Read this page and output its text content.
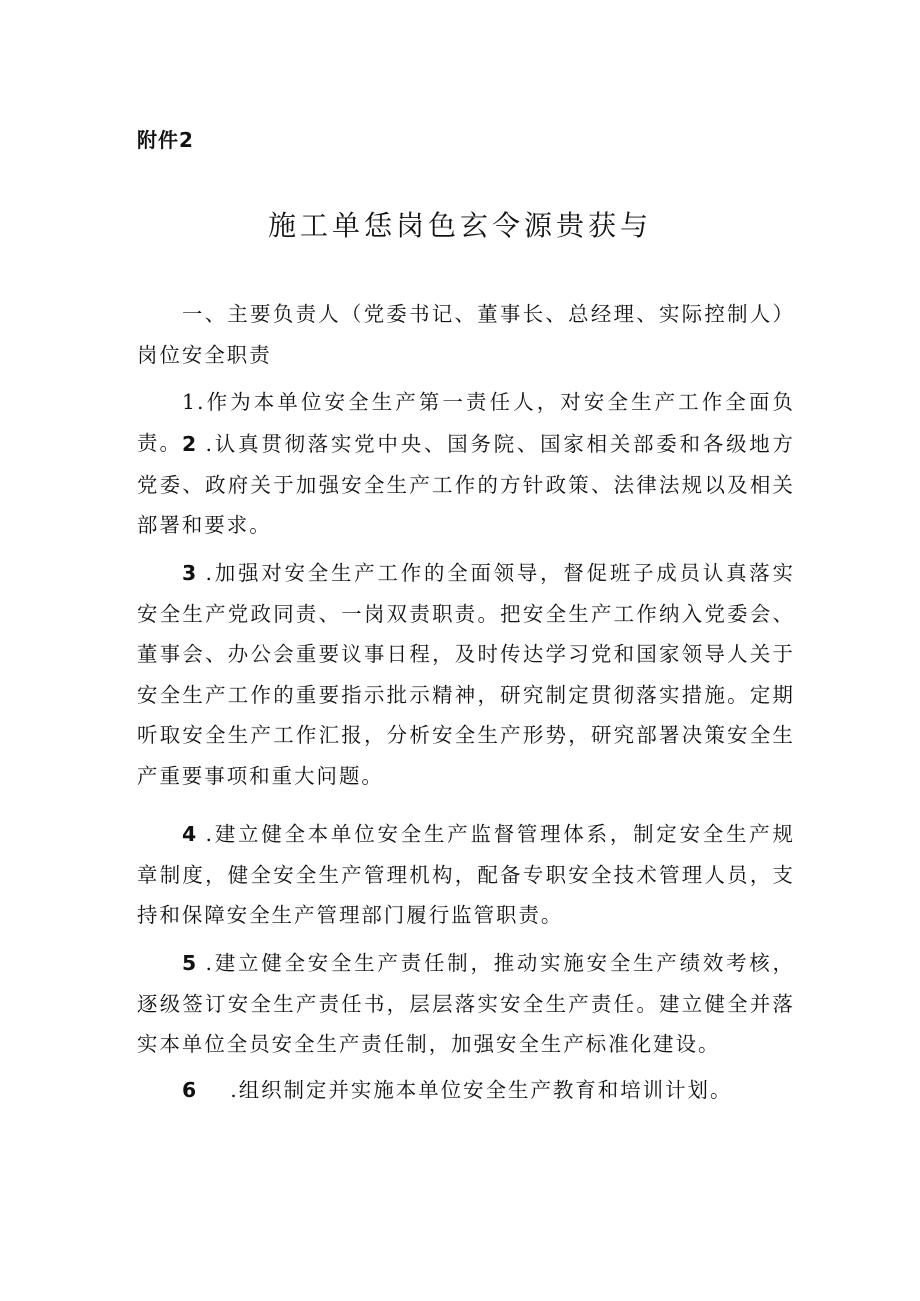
附件2
施工单恁岗色玄令源贵获与

一、主要负责人（党委书记、董事长、总经理、实际控制人）岗位安全职责

1.作为本单位安全生产第一责任人，对安全生产工作全面负责。 2 .认真贯彻落实党中央、国务院、国家相关部委和各级地方党委、政府关于加强安全生产工作的方针政策、法律法规以及相关部署和要求。

3 .加强对安全生产工作的全面领导，督促班子成员认真落实安全生产党政同责、一岗双责职责。把安全生产工作纳入党委会、董事会、办公会重要议事日程，及时传达学习党和国家领导人关于安全生产工作的重要指示批示精神，研究制定贯彻落实措施。定期听取安全生产工作汇报，分析安全生产形势，研究部署决策安全生产重要事项和重大问题。

4 .建立健全本单位安全生产监督管理体系，制定安全生产规章制度，健全安全生产管理机构，配备专职安全技术管理人员，支持和保障安全生产管理部门履行监管职责。

5 .建立健全安全生产责任制，推动实施安全生产绩效考核，逐级签订安全生产责任书，层层落实安全生产责任。建立健全并落实本单位全员安全生产责任制，加强安全生产标准化建设。

6 .组织制定并实施本单位安全生产教育和培训计划。
